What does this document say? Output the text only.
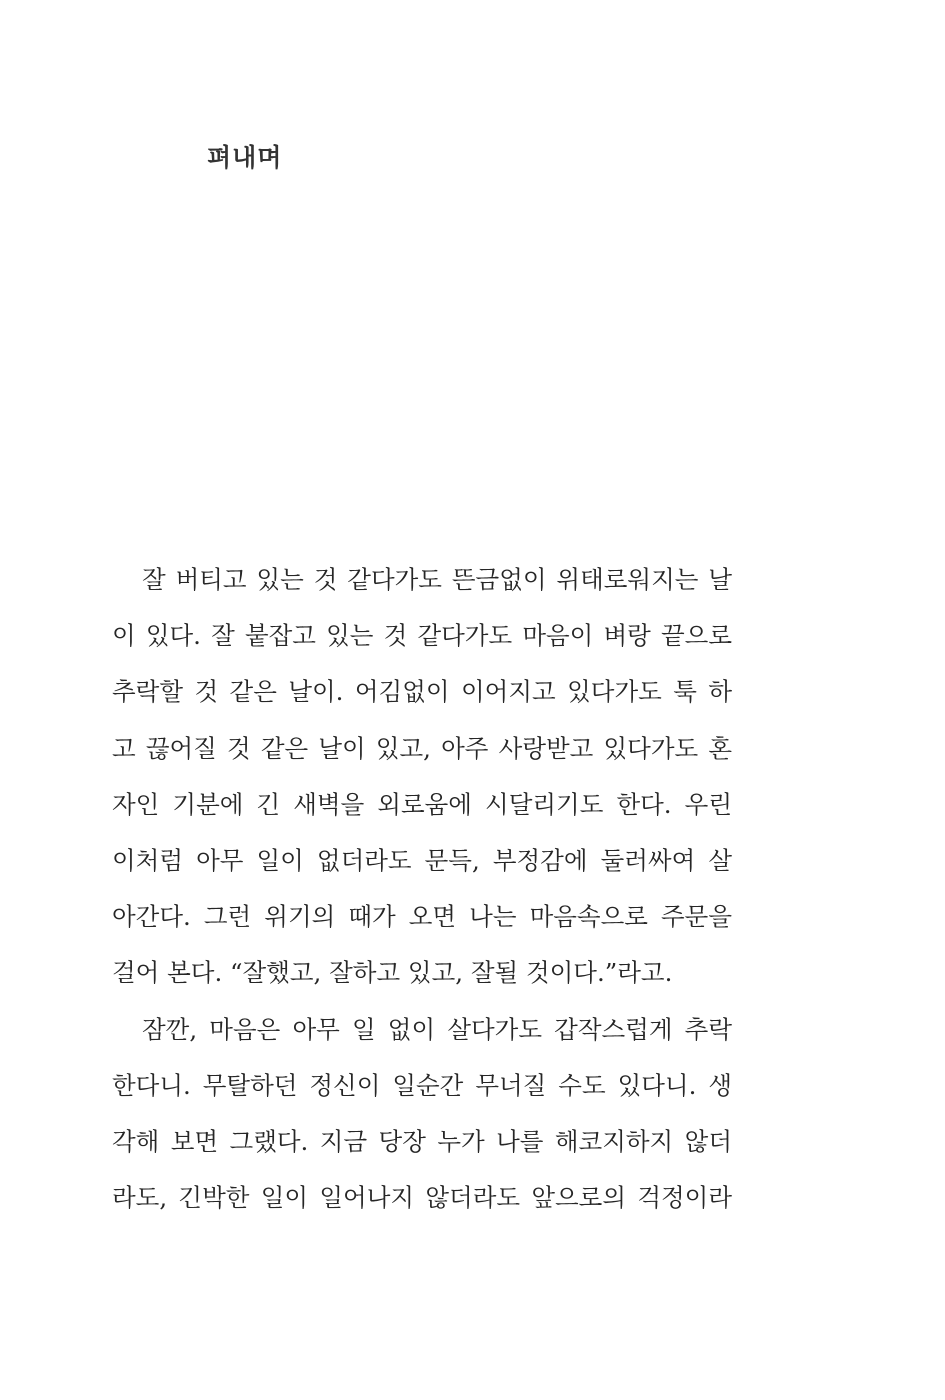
펴내며
잘 버티고 있는 것 같다가도 뜬금없이 위태로워지는 날
이 있다. 잘 붙잡고 있는 것 같다가도 마음이 벼랑 끝으로
추락할 것 같은 날이. 어김없이 이어지고 있다가도 툭 하
고 끊어질 것 같은 날이 있고, 아주 사랑받고 있다가도 혼
자인 기분에 긴 새벽을 외로움에 시달리기도 한다. 우린
이처럼 아무 일이 없더라도 문득, 부정감에 둘러싸여 살
아간다. 그런 위기의 때가 오면 나는 마음속으로 주문을
걸어 본다. “잘했고, 잘하고 있고, 잘될 것이다.”라고.
잠깐, 마음은 아무 일 없이 살다가도 갑작스럽게 추락
한다니. 무탈하던 정신이 일순간 무너질 수도 있다니. 생
각해 보면 그랬다. 지금 당장 누가 나를 해코지하지 않더
라도, 긴박한 일이 일어나지 않더라도 앞으로의 걱정이라
